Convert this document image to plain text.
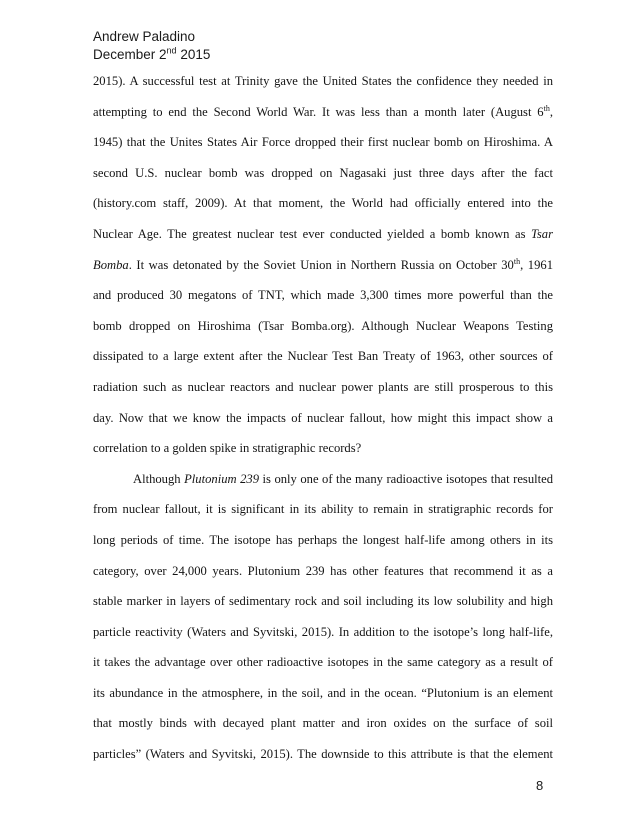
Andrew Paladino
December 2nd 2015
2015). A successful test at Trinity gave the United States the confidence they needed in
attempting to end the Second World War. It was less than a month later (August 6th,
1945) that the Unites States Air Force dropped their first nuclear bomb on Hiroshima. A
second U.S. nuclear bomb was dropped on Nagasaki just three days after the fact
(history.com staff, 2009). At that moment, the World had officially entered into the
Nuclear Age. The greatest nuclear test ever conducted yielded a bomb known as Tsar
Bomba. It was detonated by the Soviet Union in Northern Russia on October 30th, 1961
and produced 30 megatons of TNT, which made 3,300 times more powerful than the
bomb dropped on Hiroshima (Tsar Bomba.org). Although Nuclear Weapons Testing
dissipated to a large extent after the Nuclear Test Ban Treaty of 1963, other sources of
radiation such as nuclear reactors and nuclear power plants are still prosperous to this
day. Now that we know the impacts of nuclear fallout, how might this impact show a
correlation to a golden spike in stratigraphic records?
Although Plutonium 239 is only one of the many radioactive isotopes that resulted
from nuclear fallout, it is significant in its ability to remain in stratigraphic records for
long periods of time. The isotope has perhaps the longest half-life among others in its
category, over 24,000 years. Plutonium 239 has other features that recommend it as a
stable marker in layers of sedimentary rock and soil including its low solubility and high
particle reactivity (Waters and Syvitski, 2015). In addition to the isotope’s long half-life,
it takes the advantage over other radioactive isotopes in the same category as a result of
its abundance in the atmosphere, in the soil, and in the ocean. “Plutonium is an element
that mostly binds with decayed plant matter and iron oxides on the surface of soil
particles” (Waters and Syvitski, 2015). The downside to this attribute is that the element
8
